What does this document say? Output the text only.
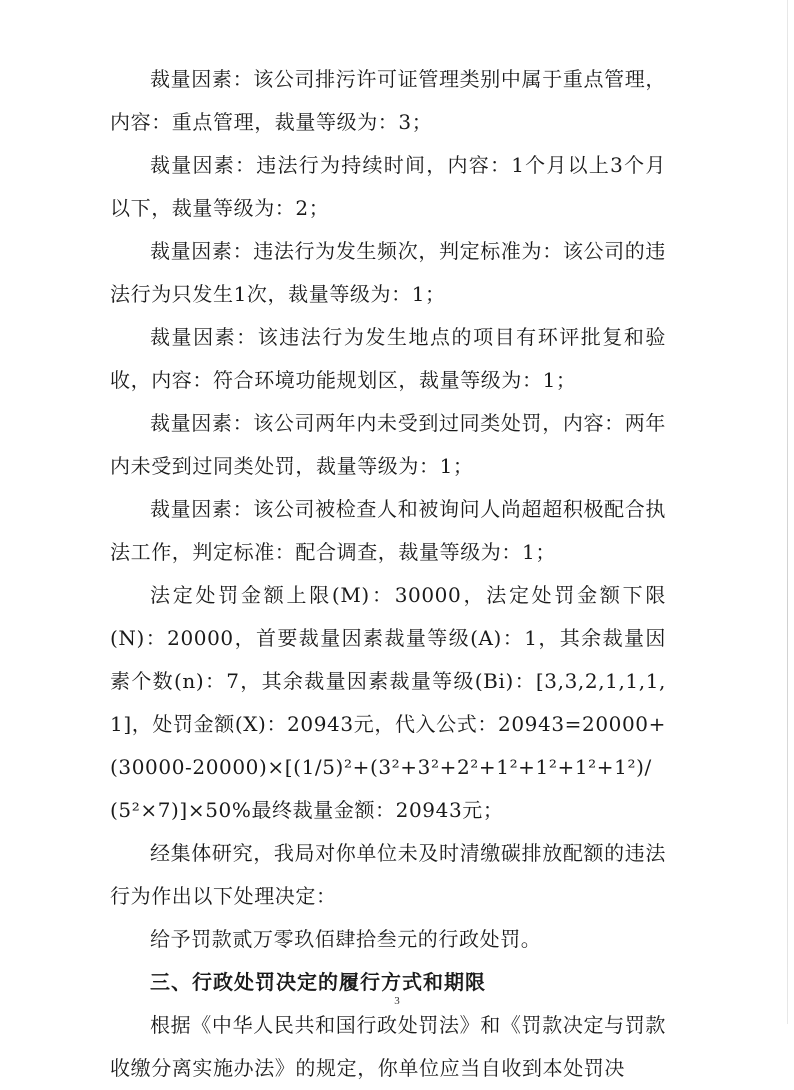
裁量因素：该公司排污许可证管理类别中属于重点管理，内容：重点管理，裁量等级为：3；

裁量因素：违法行为持续时间，内容：1个月以上3个月以下，裁量等级为：2；

裁量因素：违法行为发生频次，判定标准为：该公司的违法行为只发生1次，裁量等级为：1；

裁量因素：该违法行为发生地点的项目有环评批复和验收，内容：符合环境功能规划区，裁量等级为：1；

裁量因素：该公司两年内未受到过同类处罚，内容：两年内未受到过同类处罚，裁量等级为：1；

裁量因素：该公司被检查人和被询问人尚超超积极配合执法工作，判定标准：配合调查，裁量等级为：1；

法定处罚金额上限(M)：30000，法定处罚金额下限(N)：20000，首要裁量因素裁量等级(A)：1，其余裁量因素个数(n)：7，其余裁量因素裁量等级(Bi)：[3,3,2,1,1,1,1]，处罚金额(X)：20943元，代入公式：20943=20000+(30000-20000)×[(1/5)²+(3²+3²+2²+1²+1²+1²+1²)/(5²×7)]×50%最终裁量金额：20943元；

经集体研究，我局对你单位未及时清缴碳排放配额的违法行为作出以下处理决定：

给予罚款贰万零玖佰肆拾叁元的行政处罚。

三、行政处罚决定的履行方式和期限

根据《中华人民共和国行政处罚法》和《罚款决定与罚款收缴分离实施办法》的规定，你单位应当自收到本处罚决

3
